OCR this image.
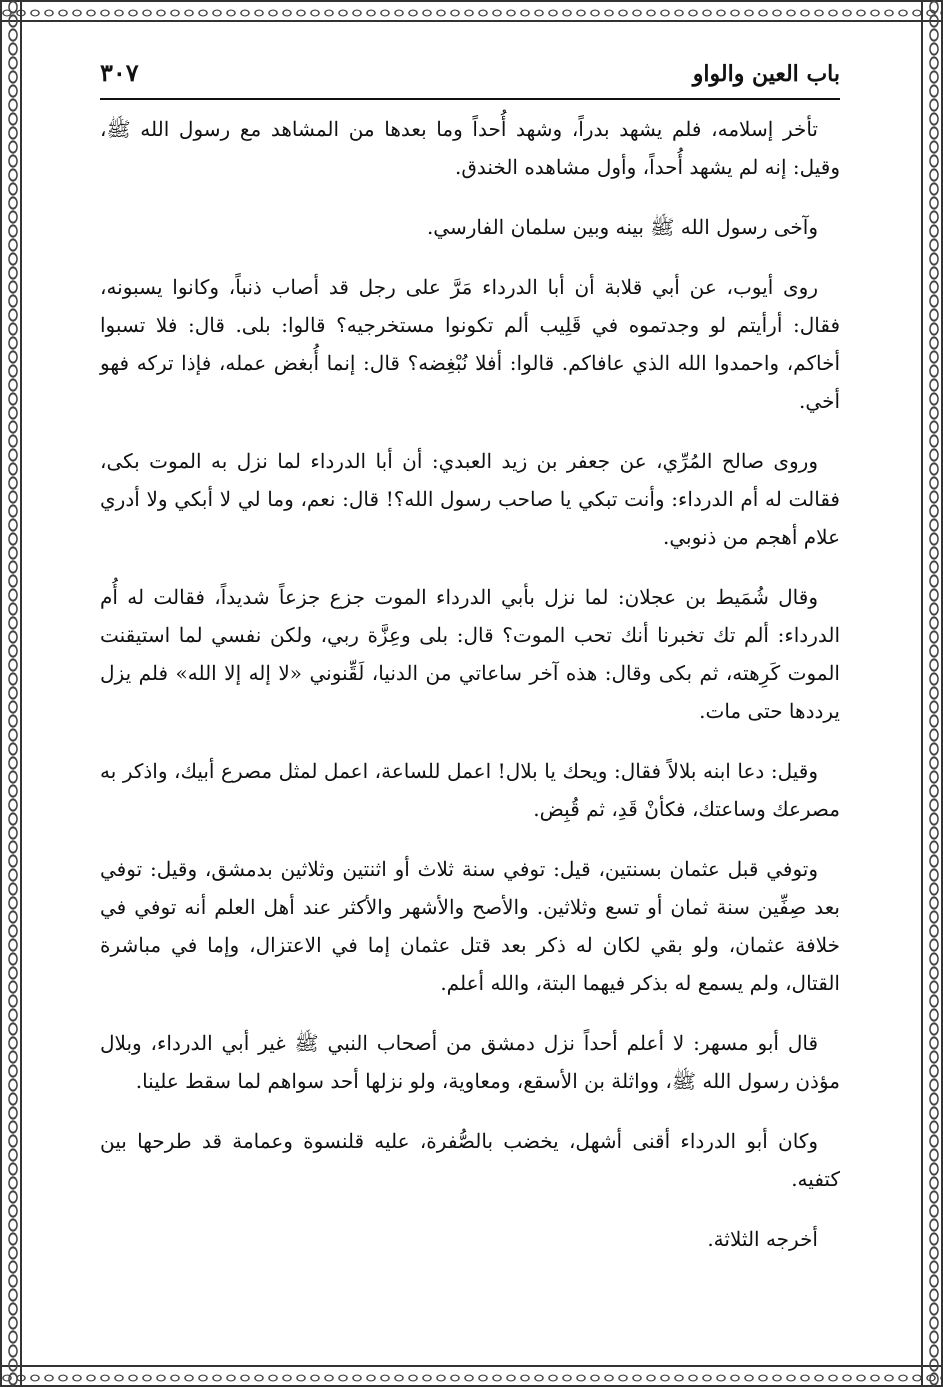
باب العين والواو
٣٠٧

تأخر إسلامه، فلم يشهد بدراً، وشهد أُحداً وما بعدها من المشاهد مع رسول الله ﷺ، وقيل: إنه لم يشهد أُحداً، وأول مشاهده الخندق.

وآخى رسول الله ﷺ بينه وبين سلمان الفارسي.

روى أيوب، عن أبي قلابة أن أبا الدرداء مَرَّ على رجل قد أصاب ذنباً، وكانوا يسبونه، فقال: أرأيتم لو وجدتموه في قَلِيب ألم تكونوا مستخرجيه؟ قالوا: بلى. قال: فلا تسبوا أخاكم، واحمدوا الله الذي عافاكم. قالوا: أفلا نُبْغِضه؟ قال: إنما أُبغض عمله، فإذا تركه فهو أخي.

وروى صالح المُرِّي، عن جعفر بن زيد العبدي: أن أبا الدرداء لما نزل به الموت بكى، فقالت له أم الدرداء: وأنت تبكي يا صاحب رسول الله؟! قال: نعم، وما لي لا أبكي ولا أدري علام أهجم من ذنوبي.

وقال شُمَيط بن عجلان: لما نزل بأبي الدرداء الموت جزع جزعاً شديداً، فقالت له أُم الدرداء: ألم تك تخبرنا أنك تحب الموت؟ قال: بلى وعِزَّة ربي، ولكن نفسي لما استيقنت الموت كَرِهته، ثم بكى وقال: هذه آخر ساعاتي من الدنيا، لَقِّنوني «لا إله إلا الله» فلم يزل يرددها حتى مات.

وقيل: دعا ابنه بلالاً فقال: ويحك يا بلال! اعمل للساعة، اعمل لمثل مصرع أبيك، واذكر به مصرعك وساعتك، فكأنْ قَدِ، ثم قُبِض.

وتوفي قبل عثمان بسنتين، قيل: توفي سنة ثلاث أو اثنتين وثلاثين بدمشق، وقيل: توفي بعد صِفِّين سنة ثمان أو تسع وثلاثين. والأصح والأشهر والأكثر عند أهل العلم أنه توفي في خلافة عثمان، ولو بقي لكان له ذكر بعد قتل عثمان إما في الاعتزال، وإما في مباشرة القتال، ولم يسمع له بذكر فيهما البتة، والله أعلم.

قال أبو مسهر: لا أعلم أحداً نزل دمشق من أصحاب النبي ﷺ غير أبي الدرداء، وبلال مؤذن رسول الله ﷺ، وواثلة بن الأسقع، ومعاوية، ولو نزلها أحد سواهم لما سقط علينا.

وكان أبو الدرداء أقنى أشهل، يخضب بالصُّفرة، عليه قلنسوة وعمامة قد طرحها بين كتفيه.

أخرجه الثلاثة.
